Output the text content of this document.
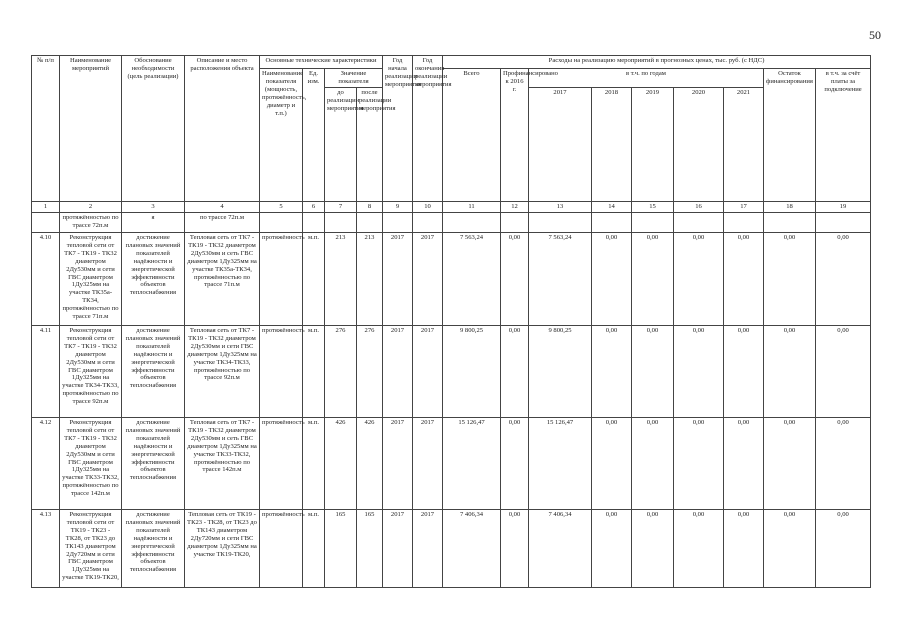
50
№ п/п	Наименование мероприятий	Обоснование необходимости (цель реализации)	Описание и место расположения объекта	Основные технические характеристики				Год начала реализации мероприятия	Год окончания реализации мероприятия	Расходы на реализацию мероприятий в прогнозных ценах, тыс. руб. (с НДС)								
				Наименование показателя (мощность, протяжённость, диаметр и т.п.)	Ед. изм.	Значение показателя				Всего	Профинансировано к 2016 г.	в т.ч. по годам					Остаток финансирования	в т.ч. за счёт платы за подключение
						до реализации мероприятия	после реализации мероприятия					2017	2018	2019	2020	2021		
1	2	3	4	5	6	7	8	9	10	11	12	13	14	15	16	17	18	19
	протяжённостью по трассе 72п.м	я	по трассе 72п.м															
4.10	Реконструкция тепловой сети от ТК7 - ТК19 - ТК32 диаметром 2Ду530мм и сети ГВС диаметром 1Ду325мм на участке ТК35а-ТК34, протяжённостью по трассе 71п.м	достижение плановых значений показателей надёжности и энергетической эффективности объектов теплоснабжения	Тепловая сеть от ТК7 - ТК19 - ТК32 диаметром 2Ду530мм и сеть ГВС диаметром 1Ду325мм на участке ТК35а-ТК34, протяжённостью по трассе 71п.м	протяжённость	м.п.	213	213	2017	2017	7 563,24	0,00	7 563,24	0,00	0,00	0,00	0,00	0,00	0,00
4.11	Реконструкция тепловой сети от ТК7 - ТК19 - ТК32 диаметром 2Ду530мм и сети ГВС диаметром 1Ду325мм на участке ТК34-ТК33, протяжённостью по трассе 92п.м	достижение плановых значений показателей надёжности и энергетической эффективности объектов теплоснабжения	Тепловая сеть от ТК7 - ТК19 - ТК32 диаметром 2Ду530мм и сети ГВС диаметром 1Ду325мм на участке ТК34-ТК33, протяжённостью по трассе 92п.м	протяжённость	м.п.	276	276	2017	2017	9 800,25	0,00	9 800,25	0,00	0,00	0,00	0,00	0,00	0,00
4.12	Реконструкция тепловой сети от ТК7 - ТК19 - ТК32 диаметром 2Ду530мм и сети ГВС диаметром 1Ду325мм на участке ТК33-ТК32, протяжённостью по трассе 142п.м	достижение плановых значений показателей надёжности и энергетической эффективности объектов теплоснабжения	Тепловая сеть от ТК7 - ТК19 - ТК32 диаметром 2Ду530мм и сеть ГВС диаметром 1Ду325мм на участке ТК33-ТК32, протяжённостью по трассе 142п.м	протяжённость	м.п.	426	426	2017	2017	15 126,47	0,00	15 126,47	0,00	0,00	0,00	0,00	0,00	0,00
4.13	Реконструкция тепловой сети от ТК19 - ТК23 - ТК28, от ТК23 до ТК143 диаметром 2Ду720мм и сети ГВС диаметром 1Ду325мм на участке ТК19-ТК20,	достижение плановых значений показателей надёжности и энергетической эффективности объектов теплоснабжения	Тепловая сеть от ТК19 - ТК23 - ТК28, от ТК23 до ТК143 диаметром 2Ду720мм и сети ГВС диаметром 1Ду325мм на участке ТК19-ТК20,	протяжённость	м.п.	165	165	2017	2017	7 406,34	0,00	7 406,34	0,00	0,00	0,00	0,00	0,00	0,00
